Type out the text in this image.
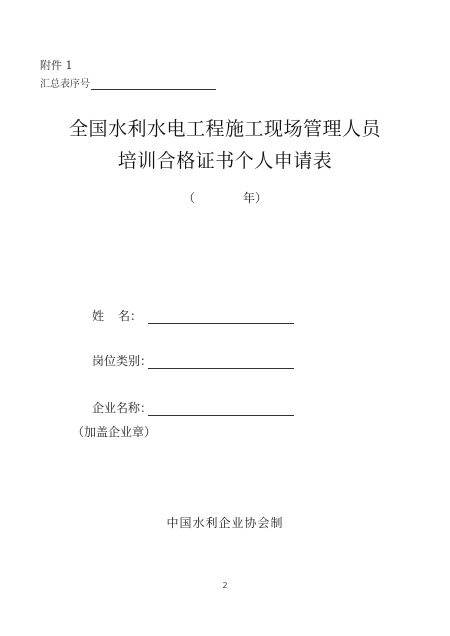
附件 1
汇总表序号
全国水利水电工程施工现场管理人员
培训合格证书个人申请表
（	年）
姓 名：
岗位类别：
企业名称：
（加盖企业章）
中国水利企业协会制
2
